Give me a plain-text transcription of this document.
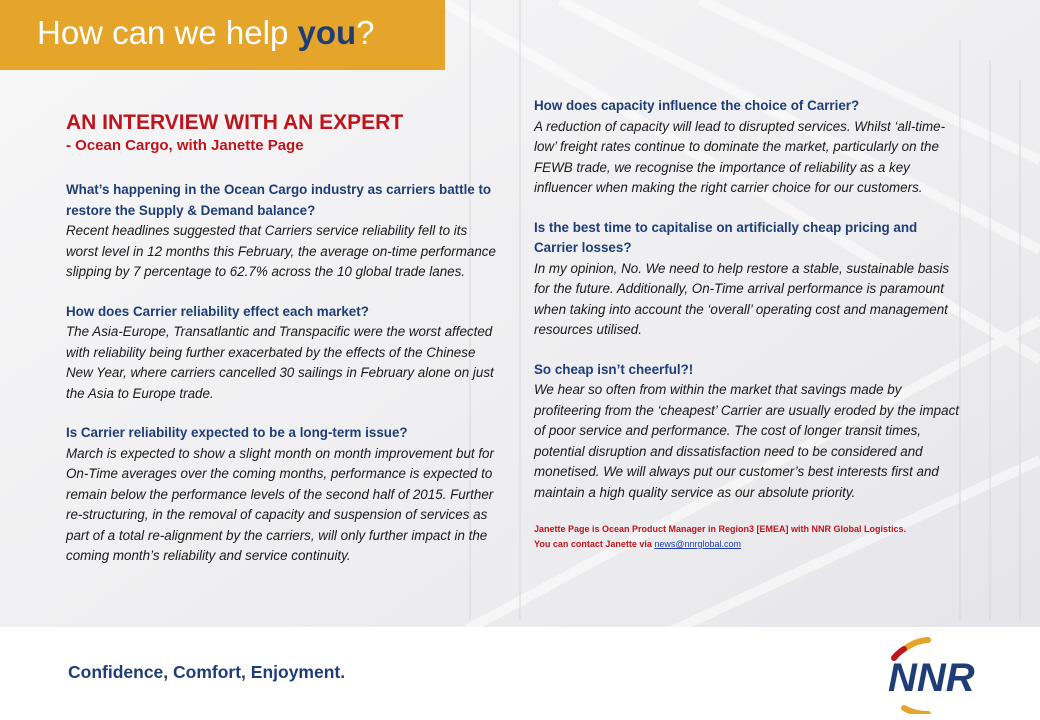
How can we help you?
AN INTERVIEW WITH AN EXPERT
- Ocean Cargo, with Janette Page
What’s happening in the Ocean Cargo industry as carriers battle to restore the Supply & Demand balance?
Recent headlines suggested that Carriers service reliability fell to its worst level in 12 months this February, the average on-time performance slipping by 7 percentage to 62.7% across the 10 global trade lanes.
How does Carrier reliability effect each market?
The Asia-Europe, Transatlantic and Transpacific were the worst affected with reliability being further exacerbated by the effects of the Chinese New Year, where carriers cancelled 30 sailings in February alone on just the Asia to Europe trade.
Is Carrier reliability expected to be a long-term issue?
March is expected to show a slight month on month improvement but for On-Time averages over the coming months, performance is expected to remain below the performance levels of the second half of 2015. Further re-structuring, in the removal of capacity and suspension of services as part of a total re-alignment by the carriers, will only further impact in the coming month’s reliability and service continuity.
How does capacity influence the choice of Carrier?
A reduction of capacity will lead to disrupted services. Whilst ‘all-time-low’ freight rates continue to dominate the market, particularly on the FEWB trade, we recognise the importance of reliability as a key influencer when making the right carrier choice for our customers.
Is the best time to capitalise on artificially cheap pricing and Carrier losses?
In my opinion, No. We need to help restore a stable, sustainable basis for the future. Additionally, On-Time arrival performance is paramount when taking into account the ‘overall’ operating cost and management resources utilised.
So cheap isn’t cheerful?!
We hear so often from within the market that savings made by profiteering from the ‘cheapest’ Carrier are usually eroded by the impact of poor service and performance. The cost of longer transit times, potential disruption and dissatisfaction need to be considered and monetised. We will always put our customer’s best interests first and maintain a high quality service as our absolute priority.
Janette Page is Ocean Product Manager in Region3 [EMEA] with NNR Global Logistics.
You can contact Janette via news@nnrglobal.com
Confidence, Comfort, Enjoyment.	NNR
